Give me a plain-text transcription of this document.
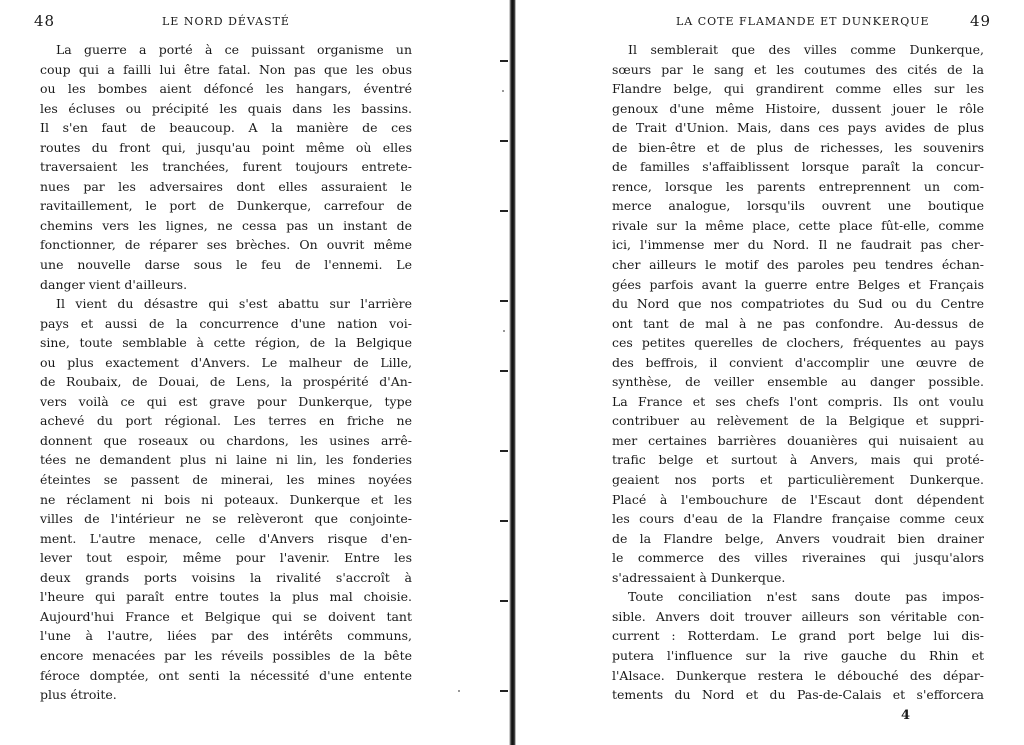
48	LE NORD DÉVASTÉ
La guerre a porté à ce puissant organisme un
coup qui a failli lui être fatal. Non pas que les obus
ou les bombes aient défoncé les hangars, éventré
les écluses ou précipité les quais dans les bassins.
Il s'en faut de beaucoup. A la manière de ces
routes du front qui, jusqu'au point même où elles
traversaient les tranchées, furent toujours entrete-
nues par les adversaires dont elles assuraient le
ravitaillement, le port de Dunkerque, carrefour de
chemins vers les lignes, ne cessa pas un instant de
fonctionner, de réparer ses brèches. On ouvrit même
une nouvelle darse sous le feu de l'ennemi. Le
danger vient d'ailleurs.
Il vient du désastre qui s'est abattu sur l'arrière
pays et aussi de la concurrence d'une nation voi-
sine, toute semblable à cette région, de la Belgique
ou plus exactement d'Anvers. Le malheur de Lille,
de Roubaix, de Douai, de Lens, la prospérité d'An-
vers voilà ce qui est grave pour Dunkerque, type
achevé du port régional. Les terres en friche ne
donnent que roseaux ou chardons, les usines arrê-
tées ne demandent plus ni laine ni lin, les fonderies
éteintes se passent de minerai, les mines noyées
ne réclament ni bois ni poteaux. Dunkerque et les
villes de l'intérieur ne se relèveront que conjointe-
ment. L'autre menace, celle d'Anvers risque d'en-
lever tout espoir, même pour l'avenir. Entre les
deux grands ports voisins la rivalité s'accroît à
l'heure qui paraît entre toutes la plus mal choisie.
Aujourd'hui France et Belgique qui se doivent tant
l'une à l'autre, liées par des intérêts communs,
encore menacées par les réveils possibles de la bête
féroce domptée, ont senti la nécessité d'une entente
plus étroite.
LA COTE FLAMANDE ET DUNKERQUE	49
Il semblerait que des villes comme Dunkerque,
sœurs par le sang et les coutumes des cités de la
Flandre belge, qui grandirent comme elles sur les
genoux d'une même Histoire, dussent jouer le rôle
de Trait d'Union. Mais, dans ces pays avides de plus
de bien-être et de plus de richesses, les souvenirs
de familles s'affaiblissent lorsque paraît la concur-
rence, lorsque les parents entreprennent un com-
merce analogue, lorsqu'ils ouvrent une boutique
rivale sur la même place, cette place fût-elle, comme
ici, l'immense mer du Nord. Il ne faudrait pas cher-
cher ailleurs le motif des paroles peu tendres échan-
gées parfois avant la guerre entre Belges et Français
du Nord que nos compatriotes du Sud ou du Centre
ont tant de mal à ne pas confondre. Au-dessus de
ces petites querelles de clochers, fréquentes au pays
des beffrois, il convient d'accomplir une œuvre de
synthèse, de veiller ensemble au danger possible.
La France et ses chefs l'ont compris. Ils ont voulu
contribuer au relèvement de la Belgique et suppri-
mer certaines barrières douanières qui nuisaient au
trafic belge et surtout à Anvers, mais qui proté-
geaient nos ports et particulièrement Dunkerque.
Placé à l'embouchure de l'Escaut dont dépendent
les cours d'eau de la Flandre française comme ceux
de la Flandre belge, Anvers voudrait bien drainer
le commerce des villes riveraines qui jusqu'alors
s'adressaient à Dunkerque.
Toute conciliation n'est sans doute pas impos-
sible. Anvers doit trouver ailleurs son véritable con-
current : Rotterdam. Le grand port belge lui dis-
putera l'influence sur la rive gauche du Rhin et
l'Alsace. Dunkerque restera le débouché des dépar-
tements du Nord et du Pas-de-Calais et s'efforcera
4
